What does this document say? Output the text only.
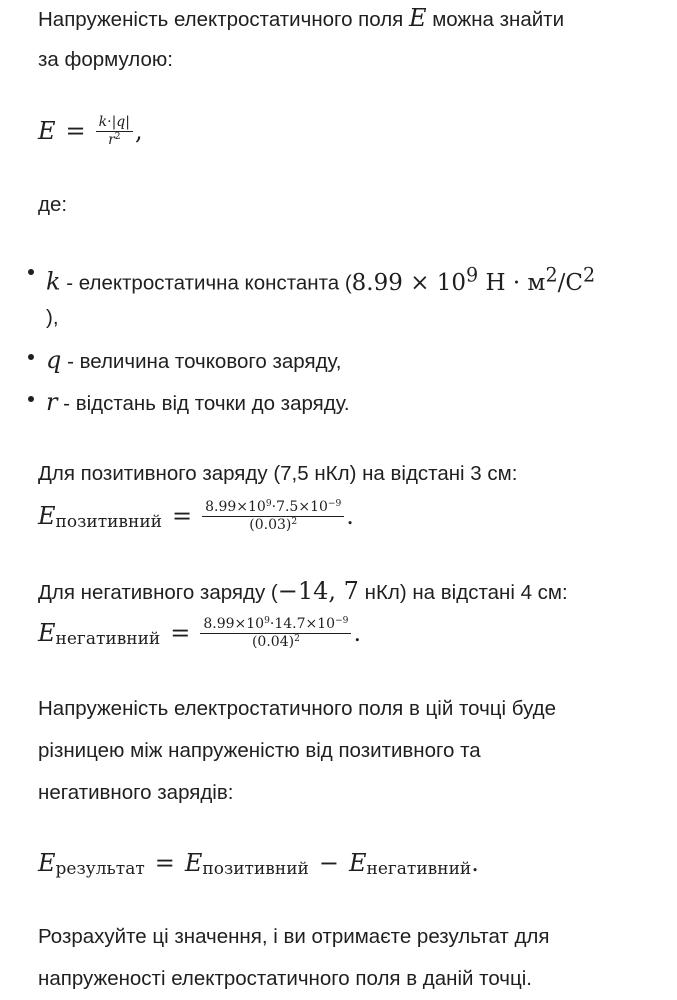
Напруженість електростатичного поля E можна знайти
за формулою:
$E = \frac{k\cdot|q|}{r^2}$ ,
де:
k - електростатична константа ($8.99 \times 10^9$ $Н \cdot м^2/С^2$
),
q - величина точкового заряду,
r - відстань від точки до заряду.
Для позитивного заряду (7,5 нКл) на відстані 3 см:
E позитивний = $\frac{8.99\times 10^9\cdot 7.5\times 10^{-9}}{(0.03)^2}$ .
Для негативного заряду (−14, 7 нКл) на відстані 4 см:
E негативний = $\frac{8.99\times 10^9\cdot 14.7\times 10^{-9}}{(0.04)^2}$ .
Напруженість електростатичного поля в цій точці буде
різницею між напруженістю від позитивного та
негативного зарядів:
E результат = E позитивний − E негативний .
Розрахуйте ці значення, і ви отримаєте результат для
напруженості електростатичного поля в даній точці.
